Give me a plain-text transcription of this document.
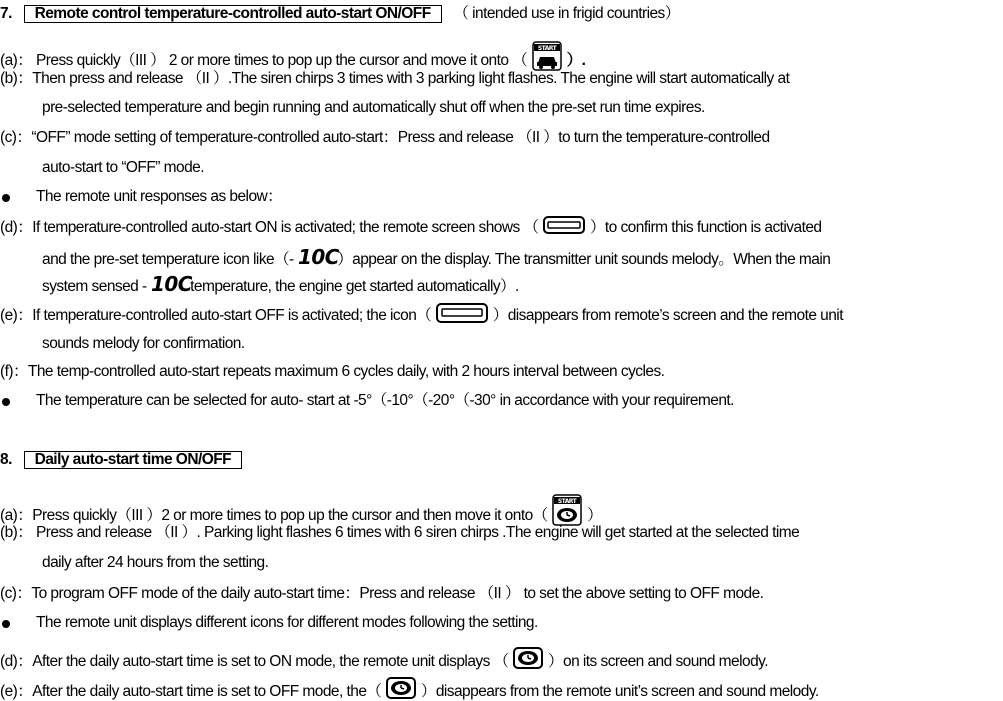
7. Remote control temperature-controlled auto-start ON/OFF （ intended use in frigid countries）
(a)： Press quickly（III ） 2 or more times to pop up the cursor and move it onto （
START
）.
(b)：Then press and release （II ）.The siren chirps 3 times with 3 parking light flashes. The engine will start automatically at
pre-selected temperature and begin running and automatically shut off when the pre-set run time expires.
(c)：“OFF” mode setting of temperature-controlled auto-start：Press and release （II ）to turn the temperature-controlled
auto-start to “OFF” mode.
The remote unit responses as below：
(d)：If temperature-controlled auto-start ON is activated; the remote screen shows （	）to confirm this function is activated
and the pre-set temperature icon like（- 10C
）appear on the display. The transmitter unit sounds melody。When the main
system sensed - 10C
temperature, the engine get started automatically）.
(e)：If temperature-controlled auto-start OFF is activated; the icon（	）disappears from remote’s screen and the remote unit
sounds melody for confirmation.
(f)：The temp-controlled auto-start repeats maximum 6 cycles daily, with 2 hours interval between cycles.
The temperature can be selected for auto- start at -5°（-10°（-20°（-30° in accordance with your requirement.
8. Daily auto-start time ON/OFF
(a)：Press quickly（III ）2 or more times to pop up the cursor and then move it onto（
START
）
(b)： Press and release （II ）. Parking light flashes 6 times with 6 siren chirps .The engine will get started at the selected time
daily after 24 hours from the setting.
(c)：To program OFF mode of the daily auto-start time：Press and release （II ） to set the above setting to OFF mode.
The remote unit displays different icons for different modes following the setting.
(d)：After the daily auto-start time is set to ON mode, the remote unit displays （	）on its screen and sound melody.
(e)：After the daily auto-start time is set to OFF mode, the（	）disappears from the remote unit’s screen and sound melody.
